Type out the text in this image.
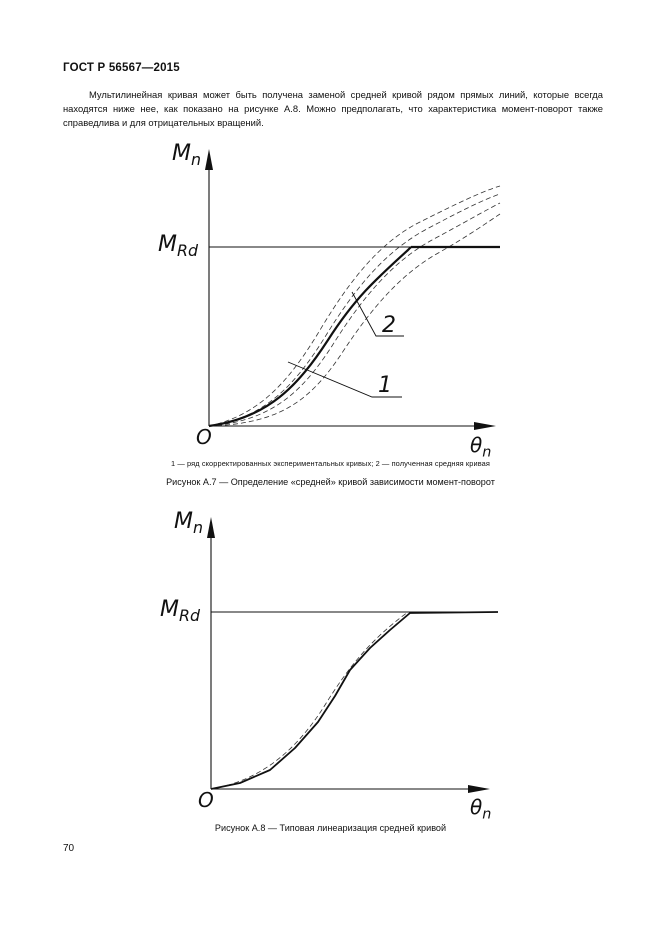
ГОСТ Р 56567—2015
Мультилинейная кривая может быть получена заменой средней кривой рядом прямых линий, которые всегда находятся ниже нее, как показано на рисунке А.8. Можно предполагать, что характеристика момент-поворот также справедлива и для отрицательных вращений.
$M_n$
$M_{Rd}$
O	$\theta_n$
2
1
1 — ряд скорректированных экспериментальных кривых; 2 — полученная средняя кривая
Рисунок А.7 — Определение «средней» кривой зависимости момент-поворот
$M_n$
$M_{Rd}$
O	$\theta_n$
Рисунок А.8 — Типовая линеаризация средней кривой
70
